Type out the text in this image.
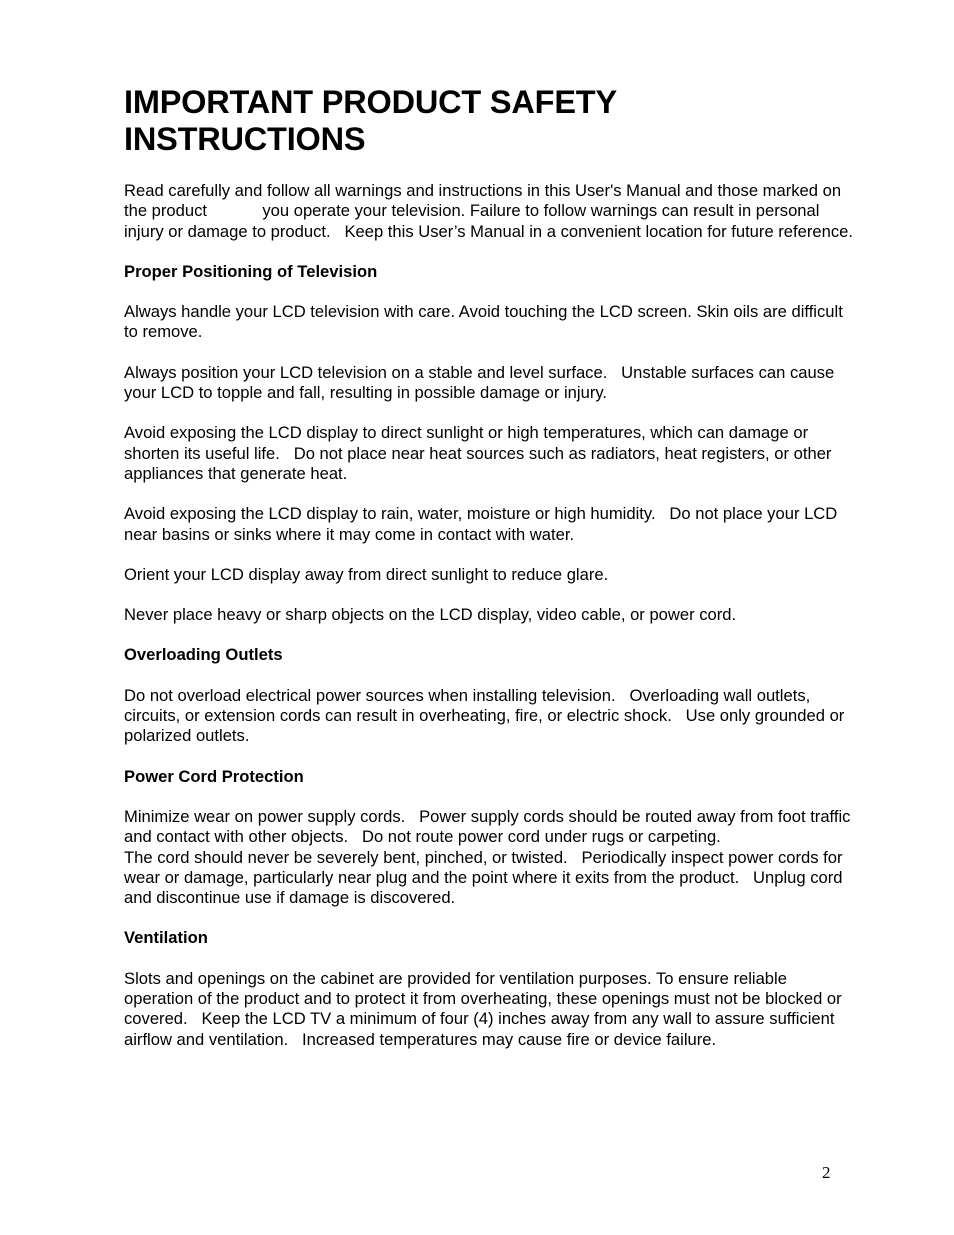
IMPORTANT PRODUCT SAFETY INSTRUCTIONS

Read carefully and follow all warnings and instructions in this User's Manual and those marked on the product            you operate your television. Failure to follow warnings can result in personal injury or damage to product.   Keep this User’s Manual in a convenient location for future reference.

Proper Positioning of Television

Always handle your LCD television with care. Avoid touching the LCD screen. Skin oils are difficult to remove.

Always position your LCD television on a stable and level surface.   Unstable surfaces can cause your LCD to topple and fall, resulting in possible damage or injury.

Avoid exposing the LCD display to direct sunlight or high temperatures, which can damage or shorten its useful life.   Do not place near heat sources such as radiators, heat registers, or other appliances that generate heat.

Avoid exposing the LCD display to rain, water, moisture or high humidity.   Do not place your LCD near basins or sinks where it may come in contact with water.

Orient your LCD display away from direct sunlight to reduce glare.

Never place heavy or sharp objects on the LCD display, video cable, or power cord.

Overloading Outlets

Do not overload electrical power sources when installing television.   Overloading wall outlets, circuits, or extension cords can result in overheating, fire, or electric shock.   Use only grounded or polarized outlets.

Power Cord Protection

Minimize wear on power supply cords.   Power supply cords should be routed away from foot traffic and contact with other objects.   Do not route power cord under rugs or carpeting.
The cord should never be severely bent, pinched, or twisted.   Periodically inspect power cords for wear or damage, particularly near plug and the point where it exits from the product.   Unplug cord and discontinue use if damage is discovered.

Ventilation

Slots and openings on the cabinet are provided for ventilation purposes. To ensure reliable operation of the product and to protect it from overheating, these openings must not be blocked or covered.   Keep the LCD TV a minimum of four (4) inches away from any wall to assure sufficient airflow and ventilation.   Increased temperatures may cause fire or device failure.

2
